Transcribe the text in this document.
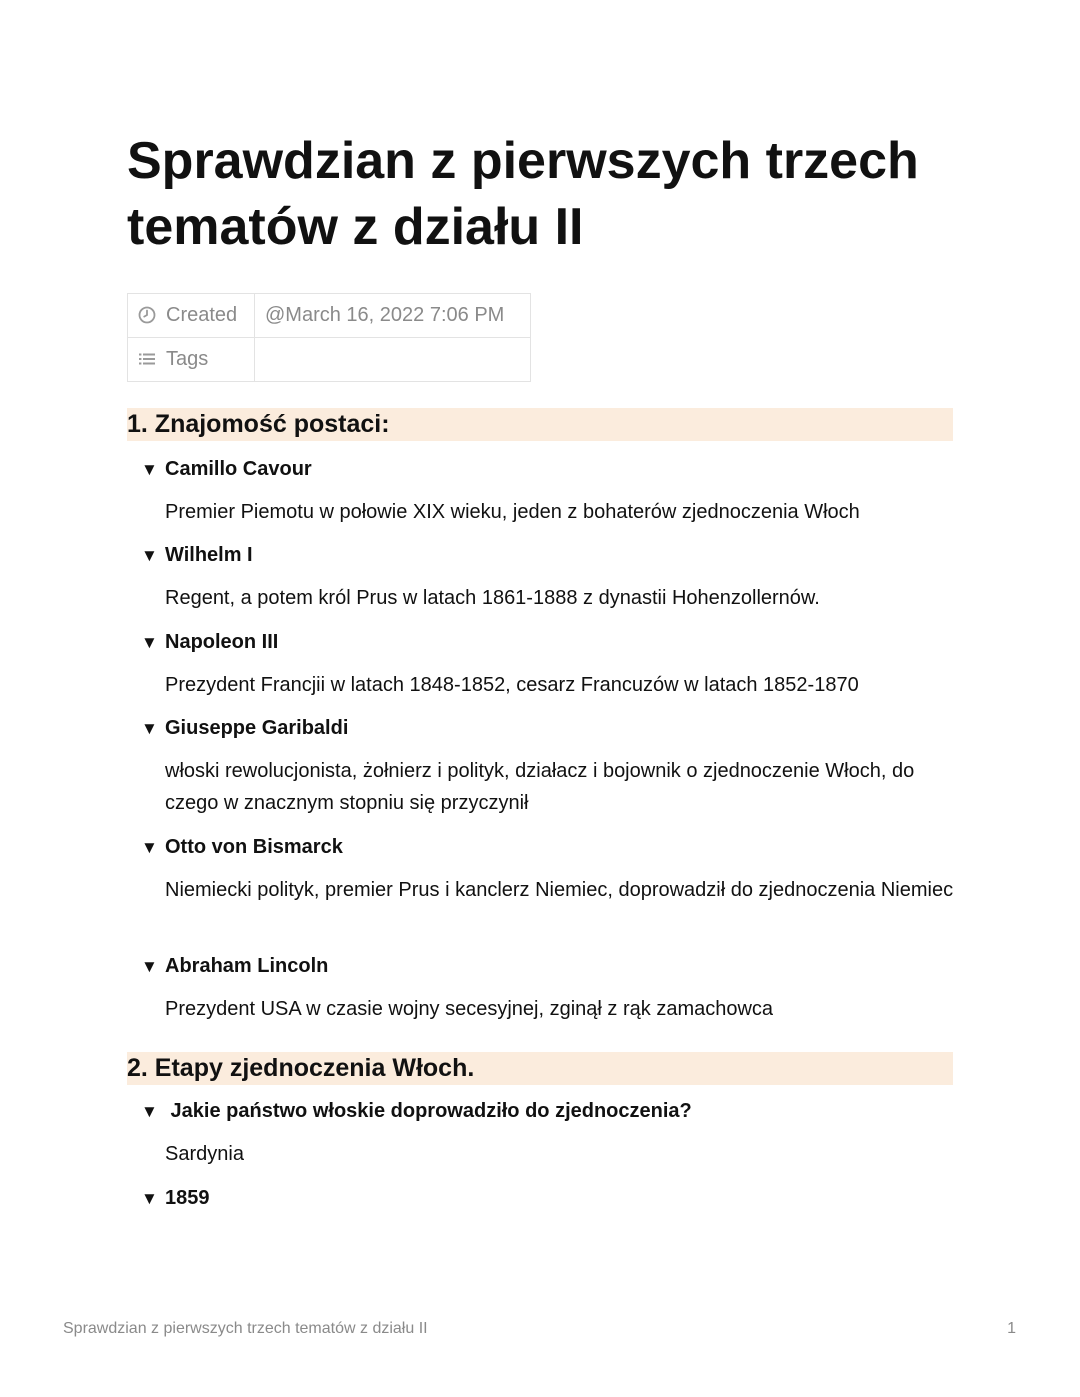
Sprawdzian z pierwszych trzech tematów z działu II
Created	@March 16, 2022 7:06 PM
Tags	
1. Znajomość postaci:
▼ Camillo Cavour

Premier Piemotu w połowie XIX wieku, jeden z bohaterów zjednoczenia Włoch

▼ Wilhelm I

Regent, a potem król Prus w latach 1861-1888 z dynastii Hohenzollernów.

▼ Napoleon III

Prezydent Francjii w latach 1848-1852, cesarz Francuzów w latach 1852-1870

▼ Giuseppe Garibaldi

włoski rewolucjonista, żołnierz i polityk, działacz i bojownik o zjednoczenie Włoch, do czego w znacznym stopniu się przyczynił

▼ Otto von Bismarck

Niemiecki polityk, premier Prus i kanclerz Niemiec, doprowadził do zjednoczenia Niemiec

▼ Abraham Lincoln

Prezydent USA w czasie wojny secesyjnej, zginął z rąk zamachowca

2. Etapy zjednoczenia Włoch.
▼ Jakie państwo włoskie doprowadziło do zjednoczenia?

Sardynia

▼ 1859
Sprawdzian z pierwszych trzech tematów z działu II	1
